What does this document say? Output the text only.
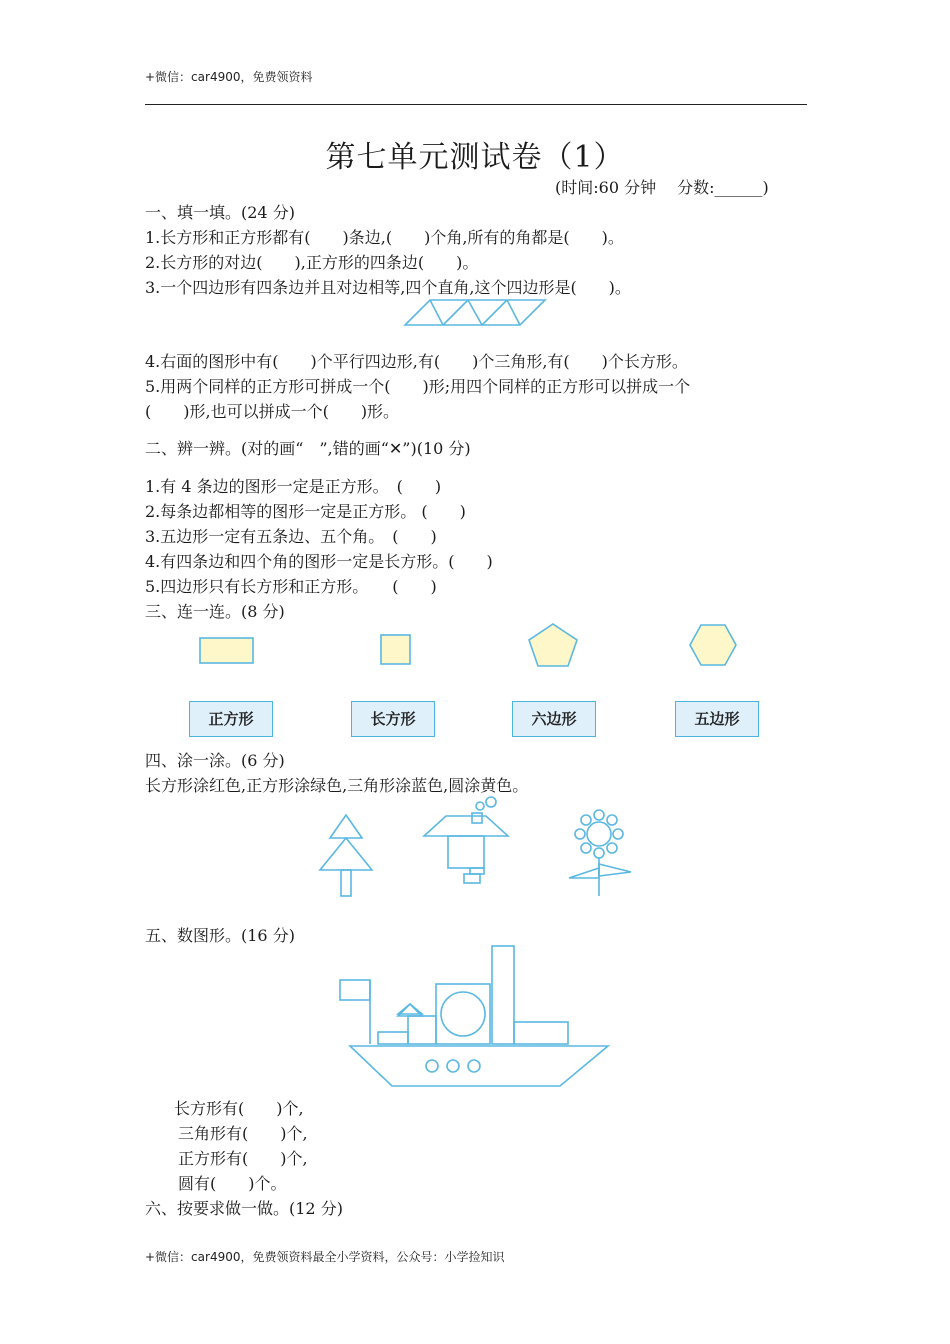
+微信：car4900，免费领资料
第七单元测试卷（1）
(时间:60 分钟　 分数:______)
一、填一填。(24 分)
1.长方形和正方形都有(　　)条边,(　　)个角,所有的角都是(　　)。
2.长方形的对边(　　),正方形的四条边(　　)。
3.一个四边形有四条边并且对边相等,四个直角,这个四边形是(　　)。
4.右面的图形中有(　　)个平行四边形,有(　　)个三角形,有(　　)个长方形。
5.用两个同样的正方形可拼成一个(　　)形;用四个同样的正方形可以拼成一个
(　　)形,也可以拼成一个(　　)形。
二、辨一辨。(对的画“　”,错的画“✕”)(10 分)
1.有 4 条边的图形一定是正方形。　(　　)
2.每条边都相等的图形一定是正方形。 (　　)
3.五边形一定有五条边、五个角。　(　　)
4.有四条边和四个角的图形一定是长方形。(　　)
5.四边形只有长方形和正方形。　　(　　)
三、连一连。(8 分)
正方形	长方形	六边形	五边形
四、涂一涂。(6 分)
长方形涂红色,正方形涂绿色,三角形涂蓝色,圆涂黄色。
五、数图形。(16 分)
长方形有(　　)个,
三角形有(　　)个,
正方形有(　　)个,
圆有(　　)个。
六、按要求做一做。(12 分)
+微信：car4900，免费领资料最全小学资料，公众号：小学捡知识
